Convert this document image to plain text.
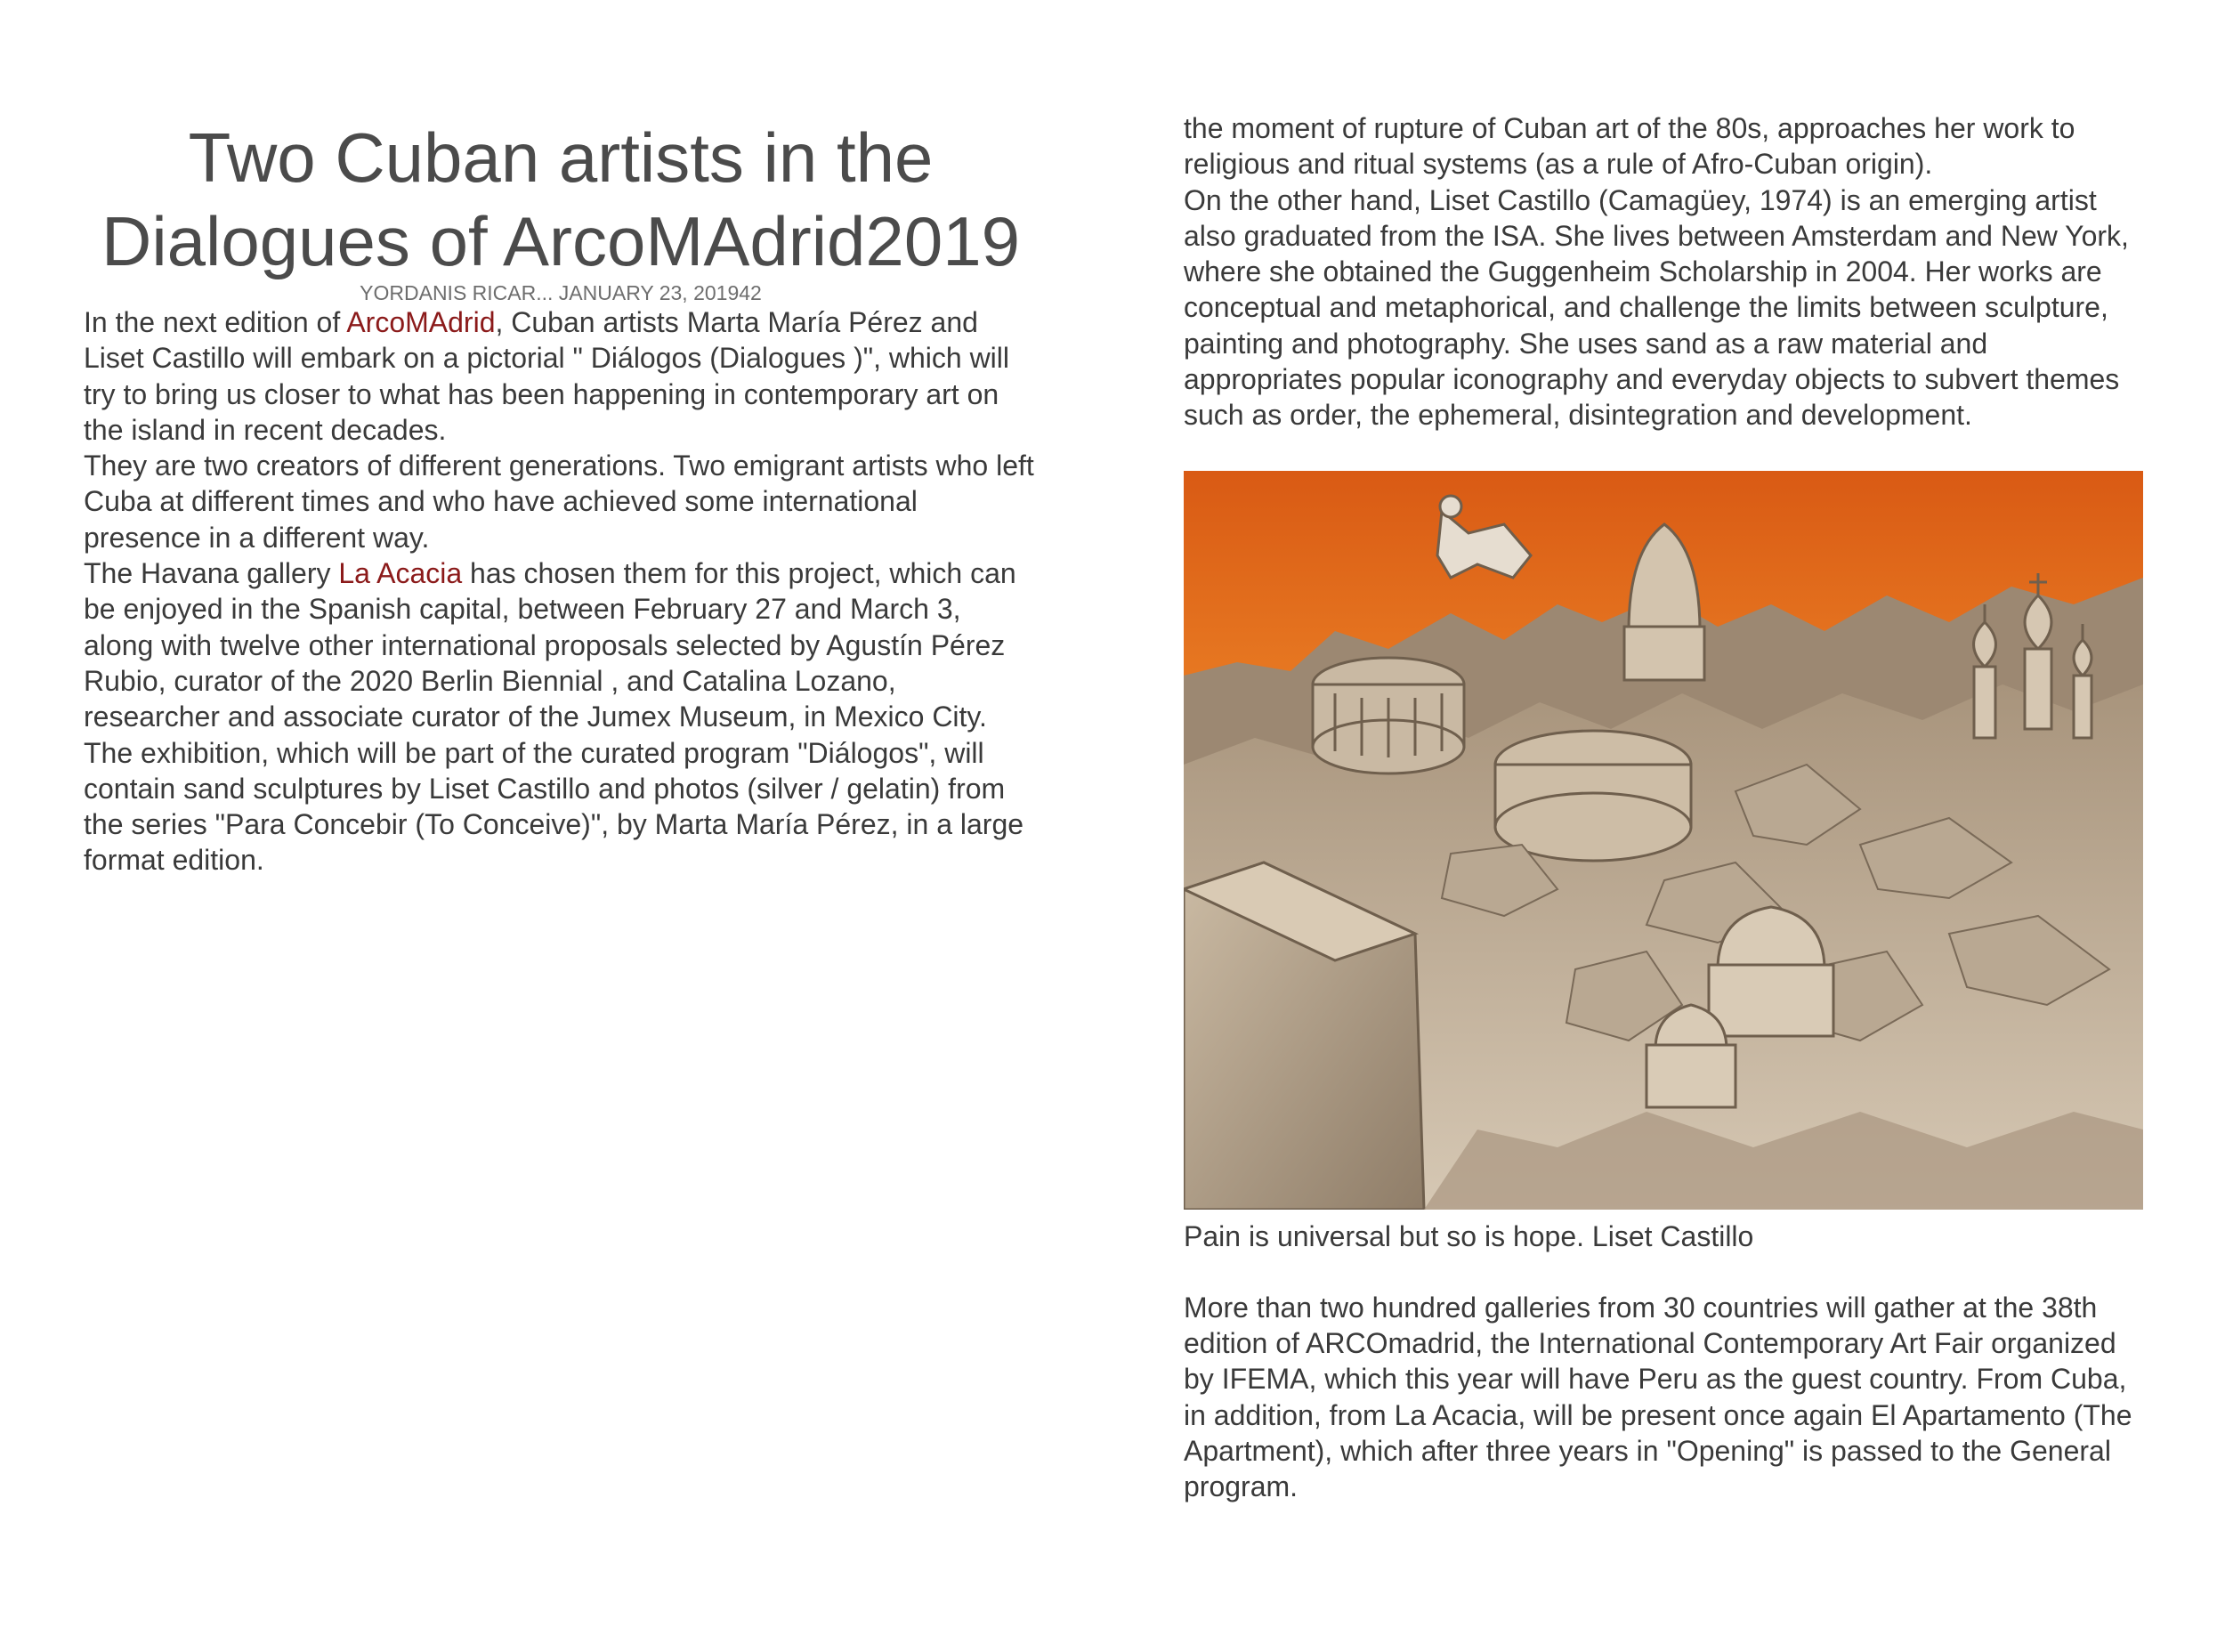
Two Cuban artists in the Dialogues of ArcoMAdrid2019
YORDANIS RICAR... JANUARY 23, 201942

In the next edition of ArcoMAdrid, Cuban artists Marta María Pérez and Liset Castillo will embark on a pictorial " Diálogos (Dialogues )", which will try to bring us closer to what has been happening in contemporary art on the island in recent decades.

They are two creators of different generations. Two emigrant artists who left Cuba at different times and who have achieved some international presence in a different way.

The Havana gallery La Acacia has chosen them for this project, which can be enjoyed in the Spanish capital, between February 27 and March 3, along with twelve other international proposals selected by Agustín Pérez Rubio, curator of the 2020 Berlin Biennial , and Catalina Lozano, researcher and associate curator of the Jumex Museum, in Mexico City.

The exhibition, which will be part of the curated program "Diálogos", will contain sand sculptures by Liset Castillo and photos (silver / gelatin) from the series "Para Concebir (To Conceive)", by Marta María Pérez, in a large format edition.

the moment of rupture of Cuban art of the 80s, approaches her work to religious and ritual systems (as a rule of Afro-Cuban origin).

On the other hand, Liset Castillo (Camagüey, 1974) is an emerging artist also graduated from the ISA. She lives between Amsterdam and New York, where she obtained the Guggenheim Scholarship in 2004. Her works are conceptual and metaphorical, and challenge the limits between sculpture, painting and photography. She uses sand as a raw material and appropriates popular iconography and everyday objects to subvert themes such as order, the ephemeral, disintegration and development.

Pain is universal but so is hope. Liset Castillo

More than two hundred galleries from 30 countries will gather at the 38th edition of ARCOmadrid, the International Contemporary Art Fair organized by IFEMA, which this year will have Peru as the guest country. From Cuba, in addition, from La Acacia, will be present once again El Apartamento (The Apartment), which after three years in "Opening" is passed to the General program.
